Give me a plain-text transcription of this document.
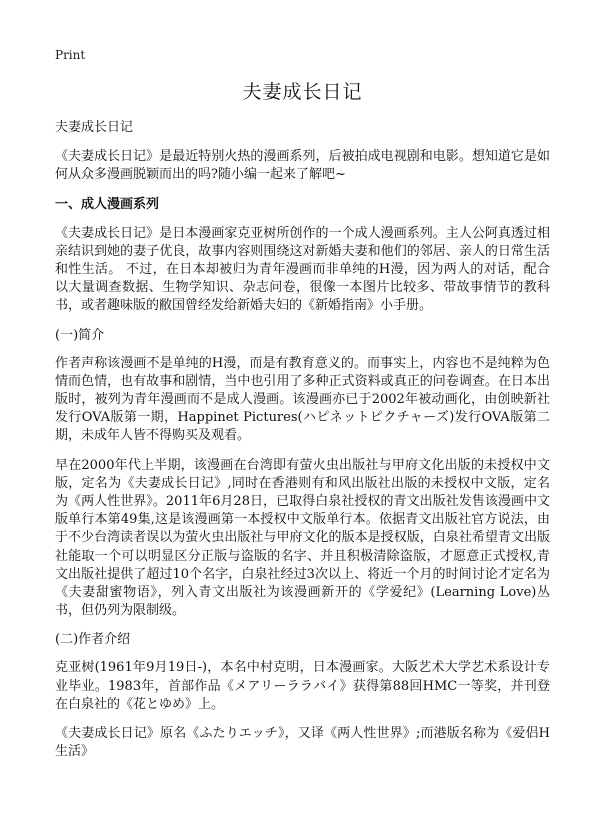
Print
夫妻成长日记

夫妻成长日记

《夫妻成长日记》是最近特别火热的漫画系列，后被拍成电视剧和电影。想知道它是如何从众多漫画脱颖而出的吗?随小编一起来了解吧~

一、成人漫画系列

《夫妻成长日记》是日本漫画家克亚树所创作的一个成人漫画系列。主人公阿真透过相亲结识到她的妻子优良，故事内容则围绕这对新婚夫妻和他们的邻居、亲人的日常生活和性生活。 不过，在日本却被归为青年漫画而非单纯的H漫，因为两人的对话，配合以大量调查数据、生物学知识、杂志问卷，很像一本图片比较多、带故事情节的教科书，或者趣味版的敝国曾经发给新婚夫妇的《新婚指南》小手册。

(一)简介

作者声称该漫画不是单纯的H漫，而是有教育意义的。而事实上，内容也不是纯粹为色情而色情，也有故事和剧情，当中也引用了多种正式资料或真正的问卷调查。在日本出版时，被列为青年漫画而不是成人漫画。该漫画亦已于2002年被动画化，由创映新社发行OVA版第一期，Happinet Pictures(ハピネットピクチャーズ)发行OVA版第二期，未成年人皆不得购买及观看。

早在2000年代上半期，该漫画在台湾即有萤火虫出版社与甲府文化出版的未授权中文版，定名为《夫妻成长日记》,同时在香港则有和风出版社出版的未授权中文版，定名为《两人性世界》。2011年6月28日，已取得白泉社授权的青文出版社发售该漫画中文版单行本第49集,这是该漫画第一本授权中文版单行本。依据青文出版社官方说法，由于不少台湾读者误以为萤火虫出版社与甲府文化的版本是授权版，白泉社希望青文出版社能取一个可以明显区分正版与盗版的名字、并且积极清除盗版，才愿意正式授权,青文出版社提供了超过10个名字，白泉社经过3次以上、将近一个月的时间讨论才定名为《夫妻甜蜜物语》，列入青文出版社为该漫画新开的《学爱纪》(Learning Love)丛书，但仍列为限制级。

(二)作者介绍

克亚树(1961年9月19日-)，本名中村克明，日本漫画家。大阪艺术大学艺术系设计专业毕业。1983年，首部作品《メアリーララバイ》获得第88回HMC一等奖，并刊登在白泉社的《花とゆめ》上。

《夫妻成长日记》原名《ふたりエッチ》，又译《两人性世界》;而港版名称为《爱侣H生活》
